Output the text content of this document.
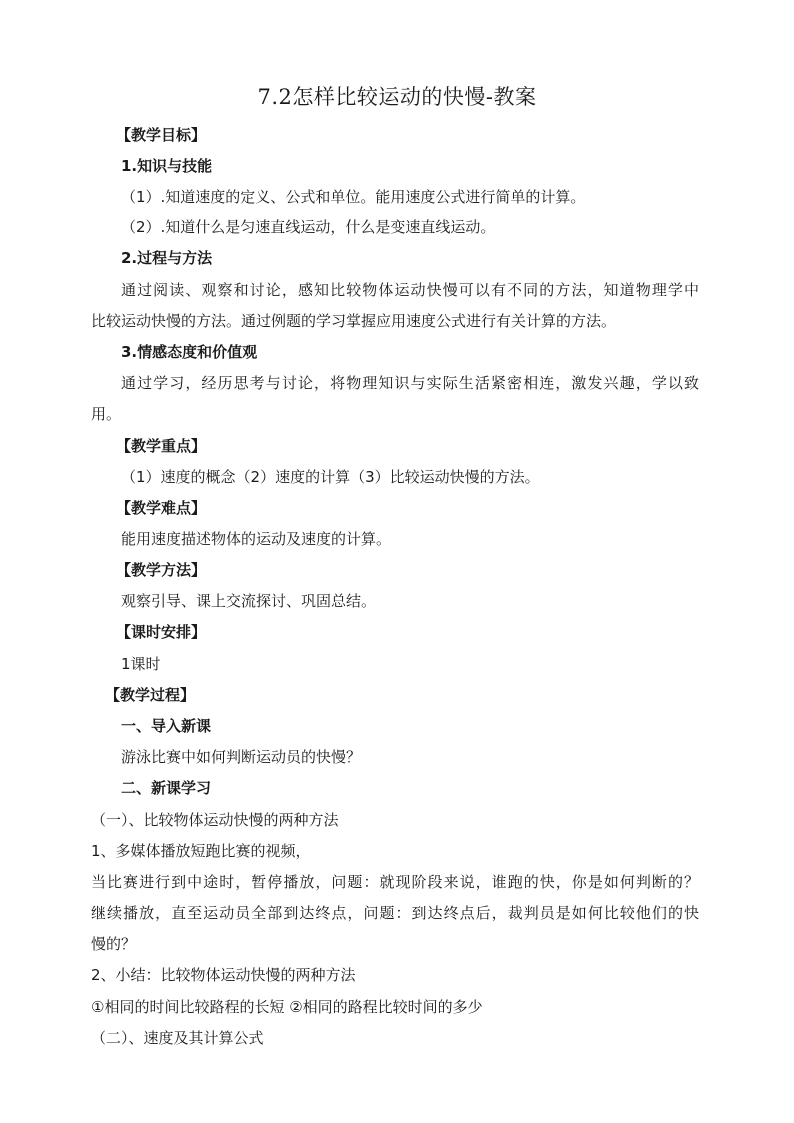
7.2怎样比较运动的快慢-教案
【教学目标】
1.知识与技能
（1）.知道速度的定义、公式和单位。能用速度公式进行简单的计算。
（2）.知道什么是匀速直线运动，什么是变速直线运动。
2.过程与方法
通过阅读、观察和讨论，感知比较物体运动快慢可以有不同的方法，知道物理学中
比较运动快慢的方法。通过例题的学习掌握应用速度公式进行有关计算的方法。
3.情感态度和价值观
通过学习，经历思考与讨论，将物理知识与实际生活紧密相连，激发兴趣，学以致
用。
【教学重点】
（1）速度的概念（2）速度的计算（3）比较运动快慢的方法。
【教学难点】
能用速度描述物体的运动及速度的计算。
【教学方法】
观察引导、课上交流探讨、巩固总结。
【课时安排】
1课时
【教学过程】
一、导入新课
游泳比赛中如何判断运动员的快慢？
二、新课学习
（一）、比较物体运动快慢的两种方法
1、多媒体播放短跑比赛的视频，
当比赛进行到中途时，暂停播放，问题：就现阶段来说，谁跑的快，你是如何判断的？
继续播放，直至运动员全部到达终点，问题：到达终点后，裁判员是如何比较他们的快
慢的？
2、小结：比较物体运动快慢的两种方法
①相同的时间比较路程的长短 ②相同的路程比较时间的多少
（二）、速度及其计算公式
